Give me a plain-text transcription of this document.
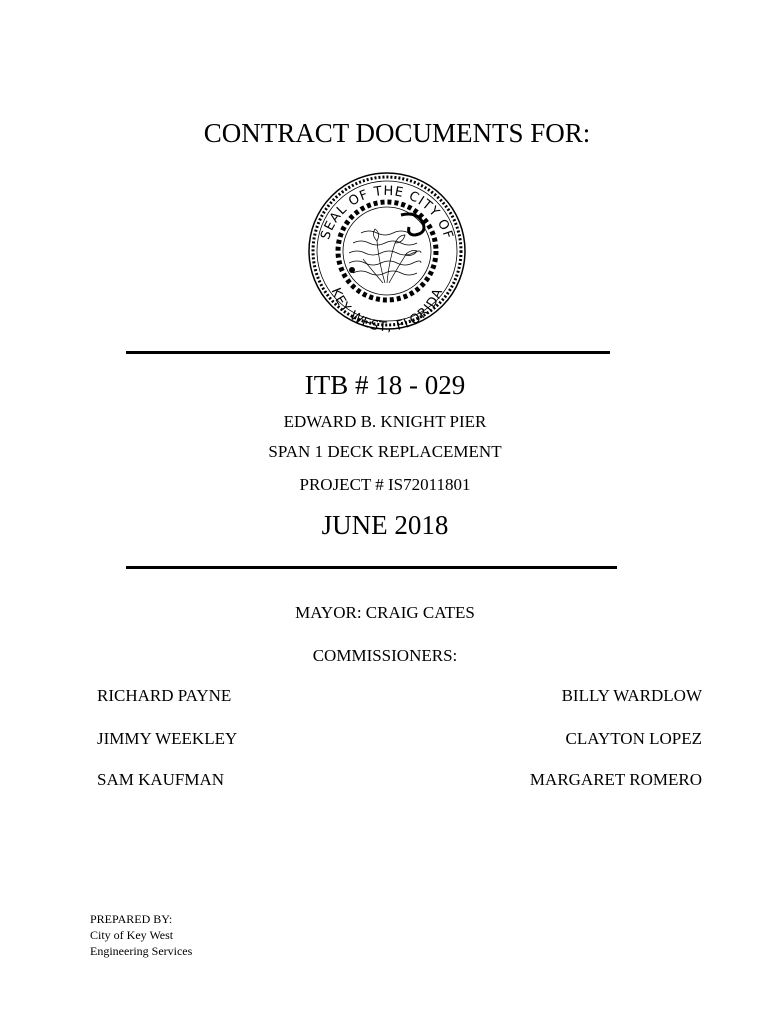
CONTRACT DOCUMENTS FOR:
SEAL OF THE CITY OF
KEY WEST, FLORIDA
ITB # 18 - 029
EDWARD B. KNIGHT PIER
SPAN 1 DECK REPLACEMENT
PROJECT # IS72011801
JUNE 2018
MAYOR: CRAIG CATES
COMMISSIONERS:
RICHARD PAYNE	BILLY WARDLOW
JIMMY WEEKLEY	CLAYTON LOPEZ
SAM KAUFMAN	MARGARET ROMERO
PREPARED BY:
City of Key West
Engineering Services
